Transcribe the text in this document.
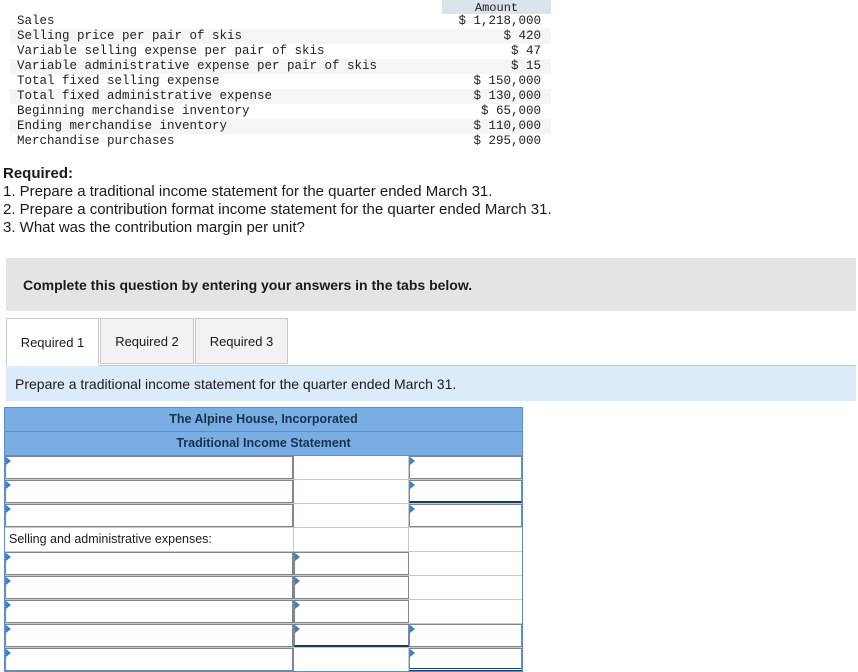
Amount
Sales	$ 1,218,000
Selling price per pair of skis	$ 420
Variable selling expense per pair of skis	$ 47
Variable administrative expense per pair of skis	$ 15
Total fixed selling expense	$ 150,000
Total fixed administrative expense	$ 130,000
Beginning merchandise inventory	$ 65,000
Ending merchandise inventory	$ 110,000
Merchandise purchases	$ 295,000
Required:
1. Prepare a traditional income statement for the quarter ended March 31.
2. Prepare a contribution format income statement for the quarter ended March 31.
3. What was the contribution margin per unit?
Complete this question by entering your answers in the tabs below.
Required 1	Required 2	Required 3
Prepare a traditional income statement for the quarter ended March 31.
The Alpine House, Incorporated
Traditional Income Statement
Selling and administrative expenses:
